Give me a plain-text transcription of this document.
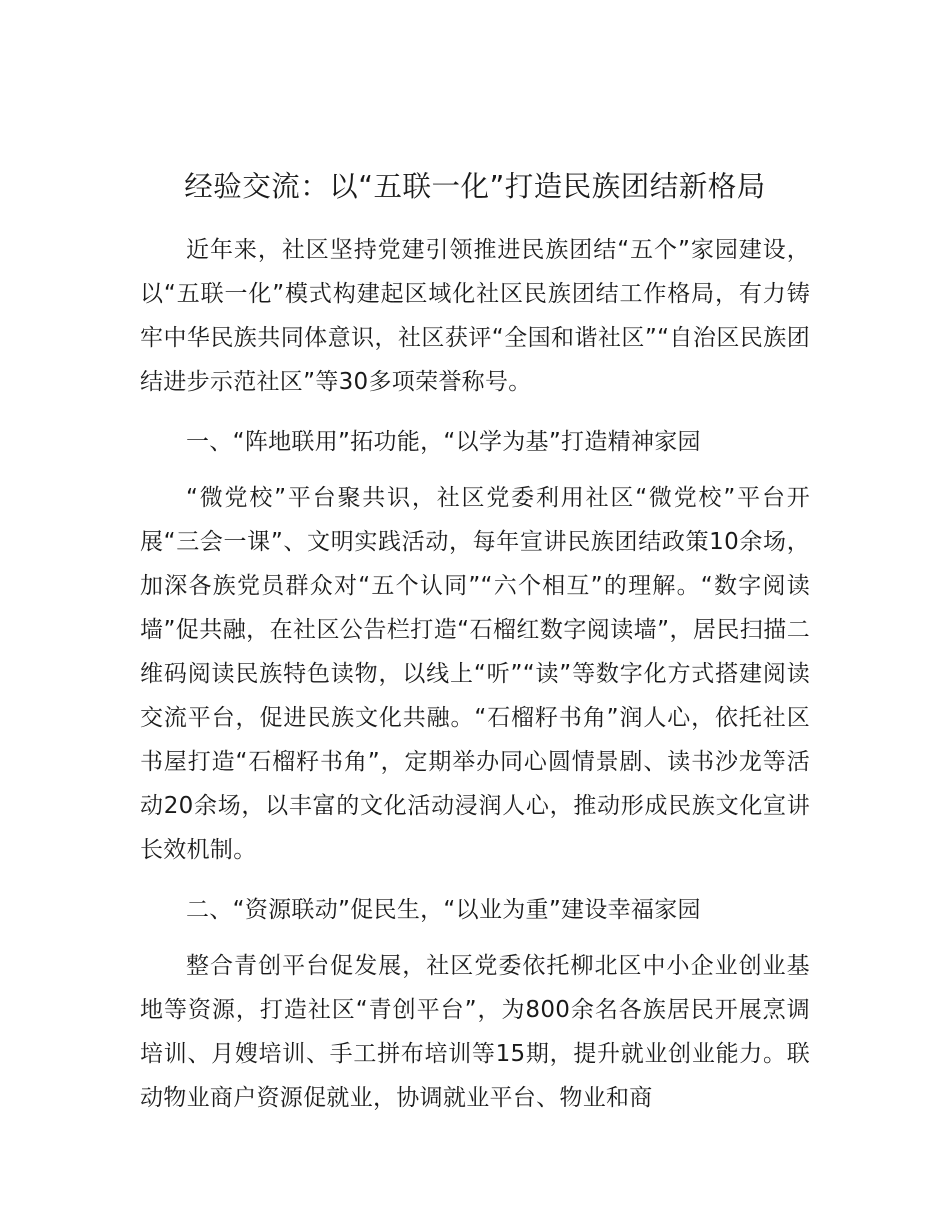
经验交流：以“五联一化”打造民族团结新格局

近年来，社区坚持党建引领推进民族团结“五个”家园建设，以“五联一化”模式构建起区域化社区民族团结工作格局，有力铸牢中华民族共同体意识，社区获评“全国和谐社区”“自治区民族团结进步示范社区”等30多项荣誉称号。

一、“阵地联用”拓功能，“以学为基”打造精神家园

“微党校”平台聚共识，社区党委利用社区“微党校”平台开展“三会一课”、文明实践活动，每年宣讲民族团结政策10余场，加深各族党员群众对“五个认同”“六个相互”的理解。“数字阅读墙”促共融，在社区公告栏打造“石榴红数字阅读墙”，居民扫描二维码阅读民族特色读物，以线上“听”“读”等数字化方式搭建阅读交流平台，促进民族文化共融。“石榴籽书角”润人心，依托社区书屋打造“石榴籽书角”，定期举办同心圆情景剧、读书沙龙等活动20余场，以丰富的文化活动浸润人心，推动形成民族文化宣讲长效机制。

二、“资源联动”促民生，“以业为重”建设幸福家园

整合青创平台促发展，社区党委依托柳北区中小企业创业基地等资源，打造社区“青创平台”，为800余名各族居民开展烹调培训、月嫂培训、手工拼布培训等15期，提升就业创业能力。联动物业商户资源促就业，协调就业平台、物业和商
